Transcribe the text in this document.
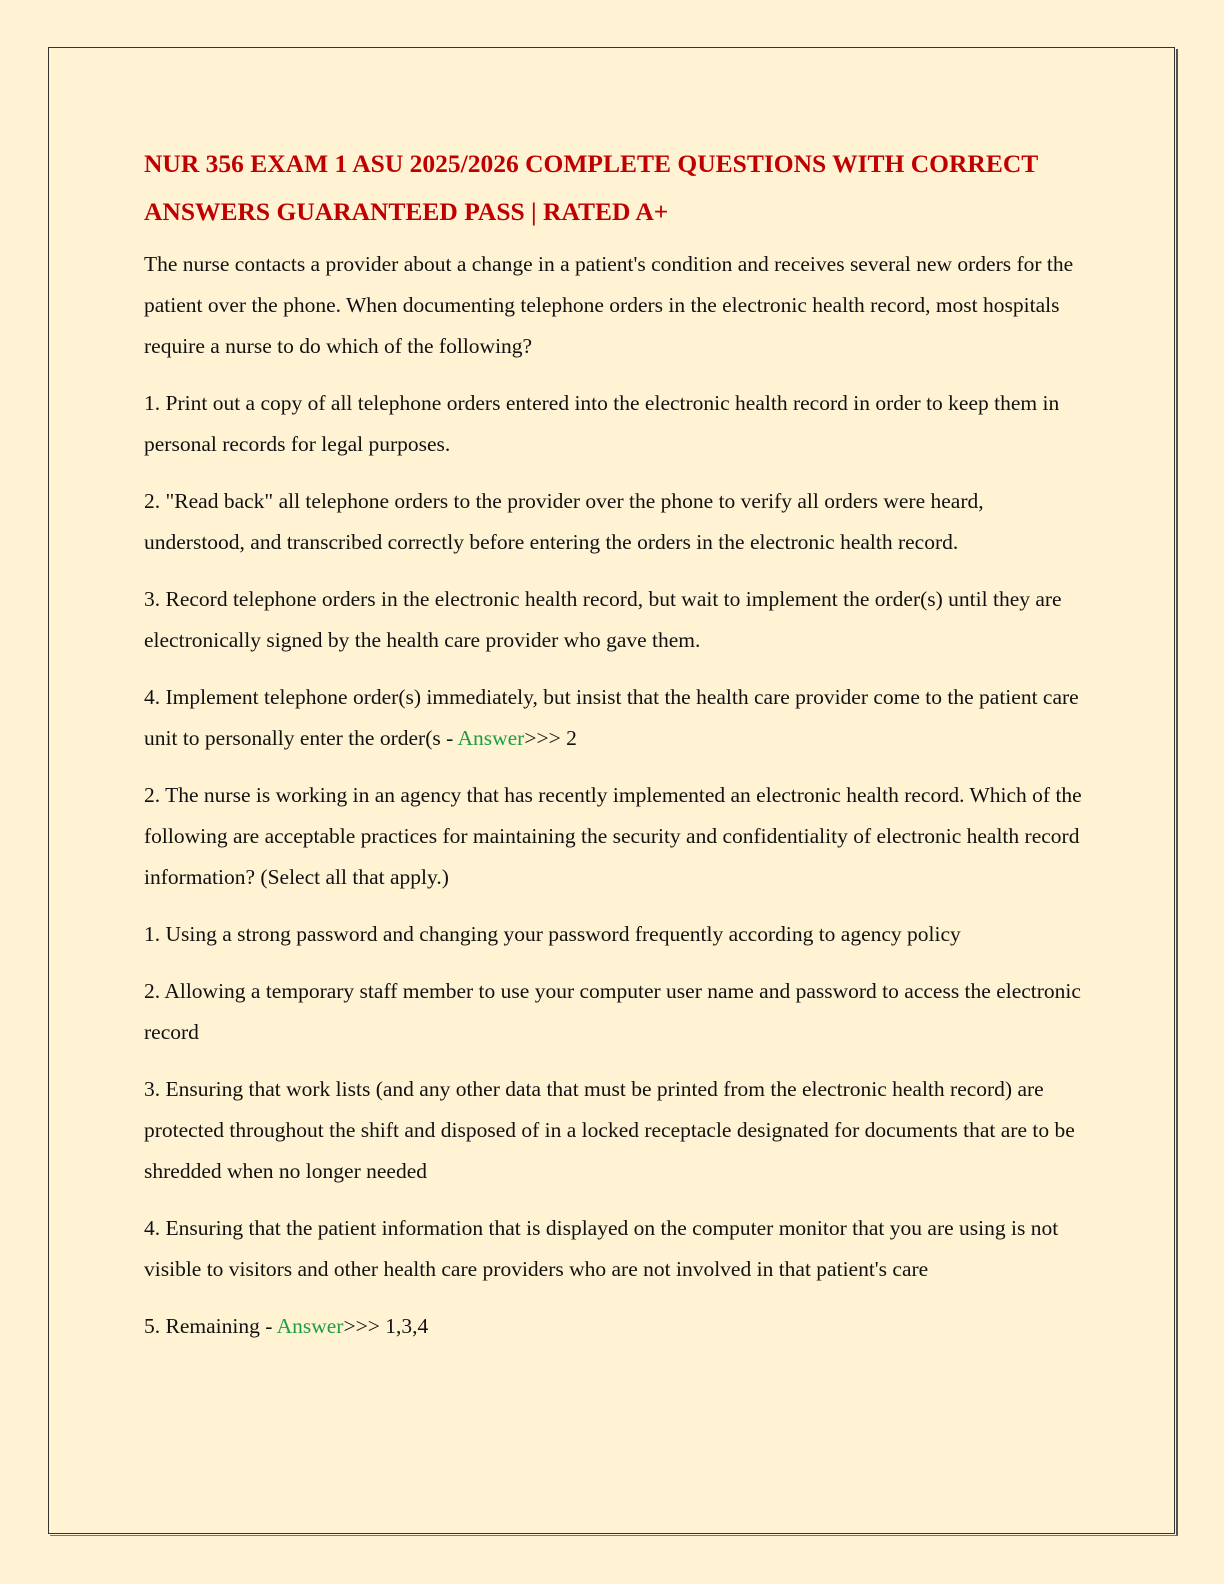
NUR 356 EXAM 1 ASU 2025/2026 COMPLETE QUESTIONS WITH CORRECT ANSWERS GUARANTEED PASS | RATED A+

The nurse contacts a provider about a change in a patient's condition and receives several new orders for the patient over the phone. When documenting telephone orders in the electronic health record, most hospitals require a nurse to do which of the following?

1. Print out a copy of all telephone orders entered into the electronic health record in order to keep them in personal records for legal purposes.

2. "Read back" all telephone orders to the provider over the phone to verify all orders were heard, understood, and transcribed correctly before entering the orders in the electronic health record.

3. Record telephone orders in the electronic health record, but wait to implement the order(s) until they are electronically signed by the health care provider who gave them.

4. Implement telephone order(s) immediately, but insist that the health care provider come to the patient care unit to personally enter the order(s - Answer>>> 2

2. The nurse is working in an agency that has recently implemented an electronic health record. Which of the following are acceptable practices for maintaining the security and confidentiality of electronic health record information? (Select all that apply.)

1. Using a strong password and changing your password frequently according to agency policy

2. Allowing a temporary staff member to use your computer user name and password to access the electronic record

3. Ensuring that work lists (and any other data that must be printed from the electronic health record) are protected throughout the shift and disposed of in a locked receptacle designated for documents that are to be shredded when no longer needed

4. Ensuring that the patient information that is displayed on the computer monitor that you are using is not visible to visitors and other health care providers who are not involved in that patient's care

5. Remaining - Answer>>> 1,3,4
